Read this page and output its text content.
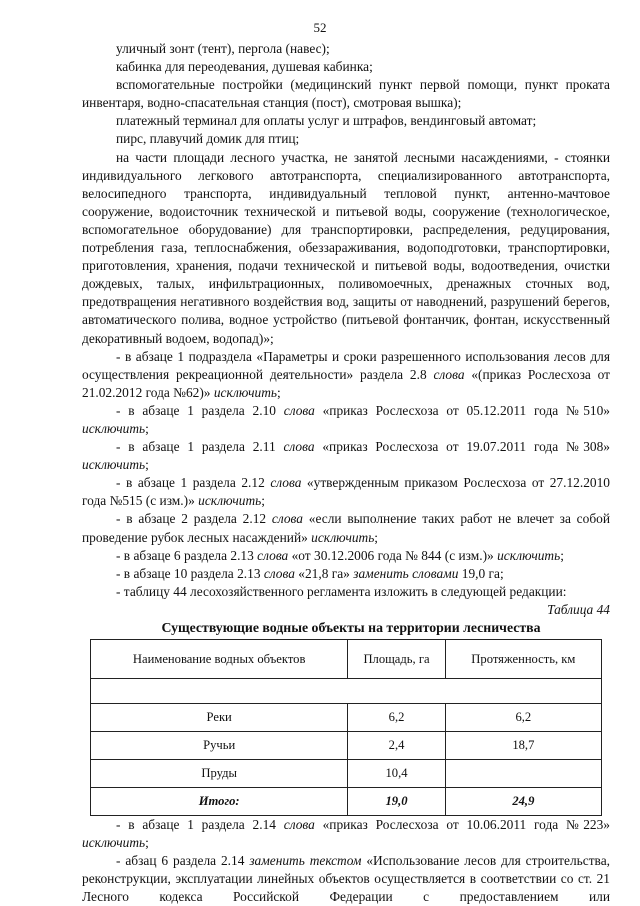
52

уличный зонт (тент), пергола (навес);

кабинка для переодевания, душевая кабинка;

вспомогательные постройки (медицинский пункт первой помощи, пункт проката инвентаря, водно-спасательная станция (пост), смотровая вышка);

платежный терминал для оплаты услуг и штрафов, вендинговый автомат;

пирс, плавучий домик для птиц;

на части площади лесного участка, не занятой лесными насаждениями, - стоянки индивидуального легкового автотранспорта, специализированного автотранспорта, велосипедного транспорта, индивидуальный тепловой пункт, антенно-мачтовое сооружение, водоисточник технической и питьевой воды, сооружение (технологическое, вспомогательное оборудование) для транспортировки, распределения, редуцирования, потребления газа, теплоснабжения, обеззараживания, водоподготовки, транспортировки, приготовления, хранения, подачи технической и питьевой воды, водоотведения, очистки дождевых, талых, инфильтрационных, поливомоечных, дренажных сточных вод, предотвращения негативного воздействия вод, защиты от наводнений, разрушений берегов, автоматического полива, водное устройство (питьевой фонтанчик, фонтан, искусственный декоративный водоем, водопад)»;

- в абзаце 1 подраздела «Параметры и сроки разрешенного использования лесов для осуществления рекреационной деятельности» раздела 2.8 слова «(приказ Рослесхоза от 21.02.2012 года №62)» исключить;

- в абзаце 1 раздела 2.10 слова «приказ Рослесхоза от 05.12.2011 года №510» исключить;

- в абзаце 1 раздела 2.11 слова «приказ Рослесхоза от 19.07.2011 года №308» исключить;

- в абзаце 1 раздела 2.12 слова «утвержденным приказом Рослесхоза от 27.12.2010 года №515 (с изм.)» исключить;

- в абзаце 2 раздела 2.12 слова «если выполнение таких работ не влечет за собой проведение рубок лесных насаждений» исключить;

- в абзаце 6 раздела 2.13 слова «от 30.12.2006 года № 844 (с изм.)» исключить;

- в абзаце 10 раздела 2.13 слова «21,8 га» заменить словами 19,0 га;

- таблицу 44 лесохозяйственного регламента изложить в следующей редакции:

Таблица 44
Существующие водные объекты на территории лесничества
Наименование водных объектов	Площадь, га	Протяженность, км

Реки	6,2	6,2
Ручьи	2,4	18,7
Пруды	10,4	
Итого:	19,0	24,9

- в абзаце 1 раздела 2.14 слова «приказ Рослесхоза от 10.06.2011 года №223» исключить;

- абзац 6 раздела 2.14 заменить текстом «Использование лесов для строительства, реконструкции, эксплуатации линейных объектов осуществляется в соответствии со ст. 21 Лесного кодекса Российской Федерации с предоставлением или
